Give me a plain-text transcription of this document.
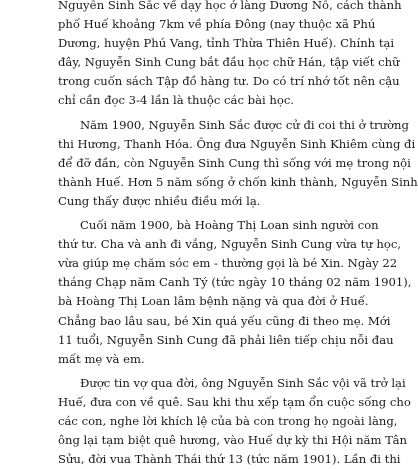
Nguyễn Sinh Sắc về dạy học ở làng Dương Nỗ, cách thành
phố Huế khoảng 7km về phía Đông (nay thuộc xã Phú
Dương, huyện Phú Vang, tỉnh Thừa Thiên Huế). Chính tại
đây, Nguyễn Sinh Cung bắt đầu học chữ Hán, tập viết chữ
trong cuốn sách Tập đồ hàng tư. Do có trí nhớ tốt nên cậu
chỉ cần đọc 3-4 lần là thuộc các bài học.

Năm 1900, Nguyễn Sinh Sắc được cử đi coi thi ở trường
thi Hương, Thanh Hóa. Ông đưa Nguyễn Sinh Khiêm cùng đi
để đỡ đần, còn Nguyễn Sinh Cung thì sống với mẹ trong nội
thành Huế. Hơn 5 năm sống ở chốn kinh thành, Nguyễn Sinh
Cung thấy được nhiều điều mới lạ.

Cuối năm 1900, bà Hoàng Thị Loan sinh người con
thứ tư. Cha và anh đi vắng, Nguyễn Sinh Cung vừa tự học,
vừa giúp mẹ chăm sóc em - thường gọi là bé Xin. Ngày 22
tháng Chạp năm Canh Tý (tức ngày 10 tháng 02 năm 1901),
bà Hoàng Thị Loan lâm bệnh nặng và qua đời ở Huế.
Chẳng bao lâu sau, bé Xin quá yếu cũng đi theo mẹ. Mới
11 tuổi, Nguyễn Sinh Cung đã phải liên tiếp chịu nỗi đau
mất mẹ và em.

Được tin vợ qua đời, ông Nguyễn Sinh Sắc vội vã trở lại
Huế, đưa con về quê. Sau khi thu xếp tạm ổn cuộc sống cho
các con, nghe lời khích lệ của bà con trong họ ngoài làng,
ông lại tạm biệt quê hương, vào Huế dự kỳ thi Hội năm Tân
Sửu, đời vua Thành Thái thứ 13 (tức năm 1901). Lần đi thi
